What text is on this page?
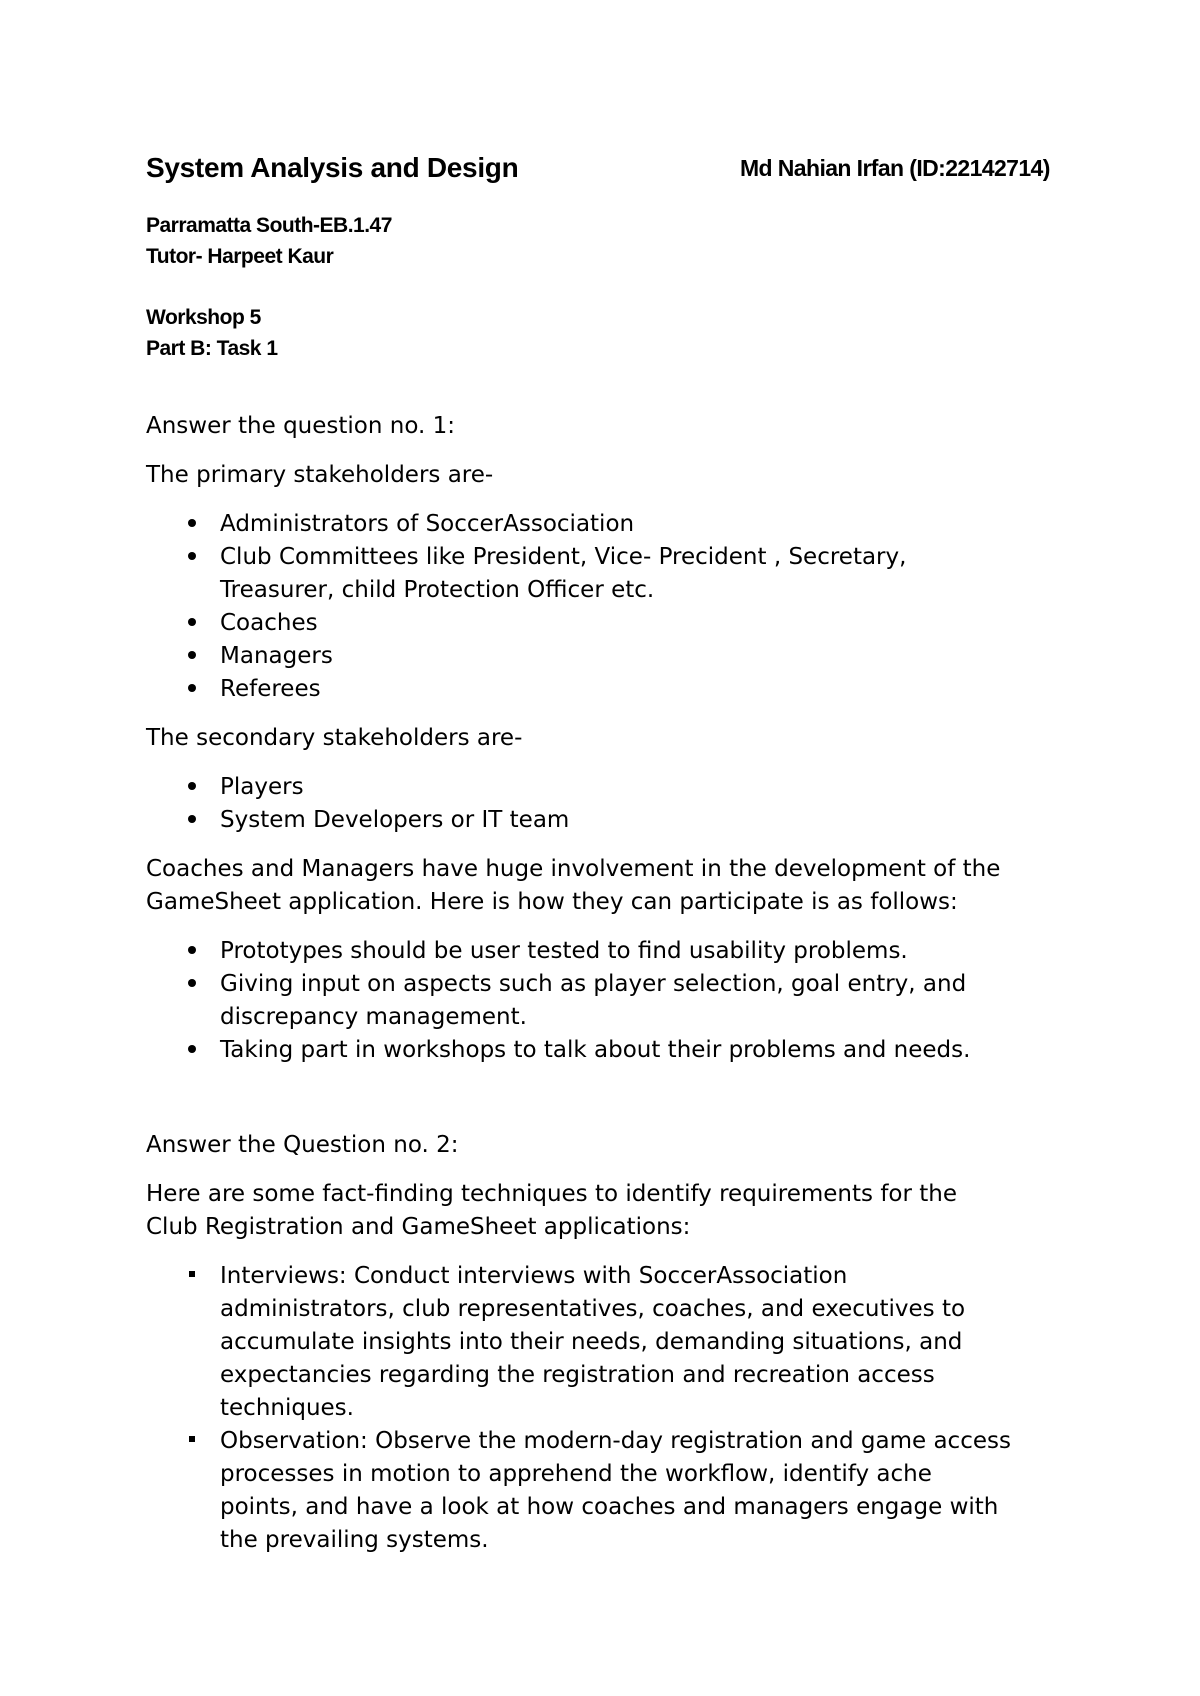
System Analysis and Design	Md Nahian Irfan (ID:22142714)
Parramatta South-EB.1.47
Tutor- Harpeet Kaur
Workshop 5
Part B: Task 1
Answer the question no. 1:
The primary stakeholders are-
Administrators of SoccerAssociation
Club Committees like President, Vice- Precident , Secretary,
Treasurer, child Protection Officer etc.
Coaches
Managers
Referees
The secondary stakeholders are-
Players
System Developers or IT team
Coaches and Managers have huge involvement in the development of the
GameSheet application. Here is how they can participate is as follows:
Prototypes should be user tested to find usability problems.
Giving input on aspects such as player selection, goal entry, and
discrepancy management.
Taking part in workshops to talk about their problems and needs.
Answer the Question no. 2:
Here are some fact-finding techniques to identify requirements for the
Club Registration and GameSheet applications:
Interviews: Conduct interviews with SoccerAssociation
administrators, club representatives, coaches, and executives to
accumulate insights into their needs, demanding situations, and
expectancies regarding the registration and recreation access
techniques.
Observation: Observe the modern-day registration and game access
processes in motion to apprehend the workflow, identify ache
points, and have a look at how coaches and managers engage with
the prevailing systems.
